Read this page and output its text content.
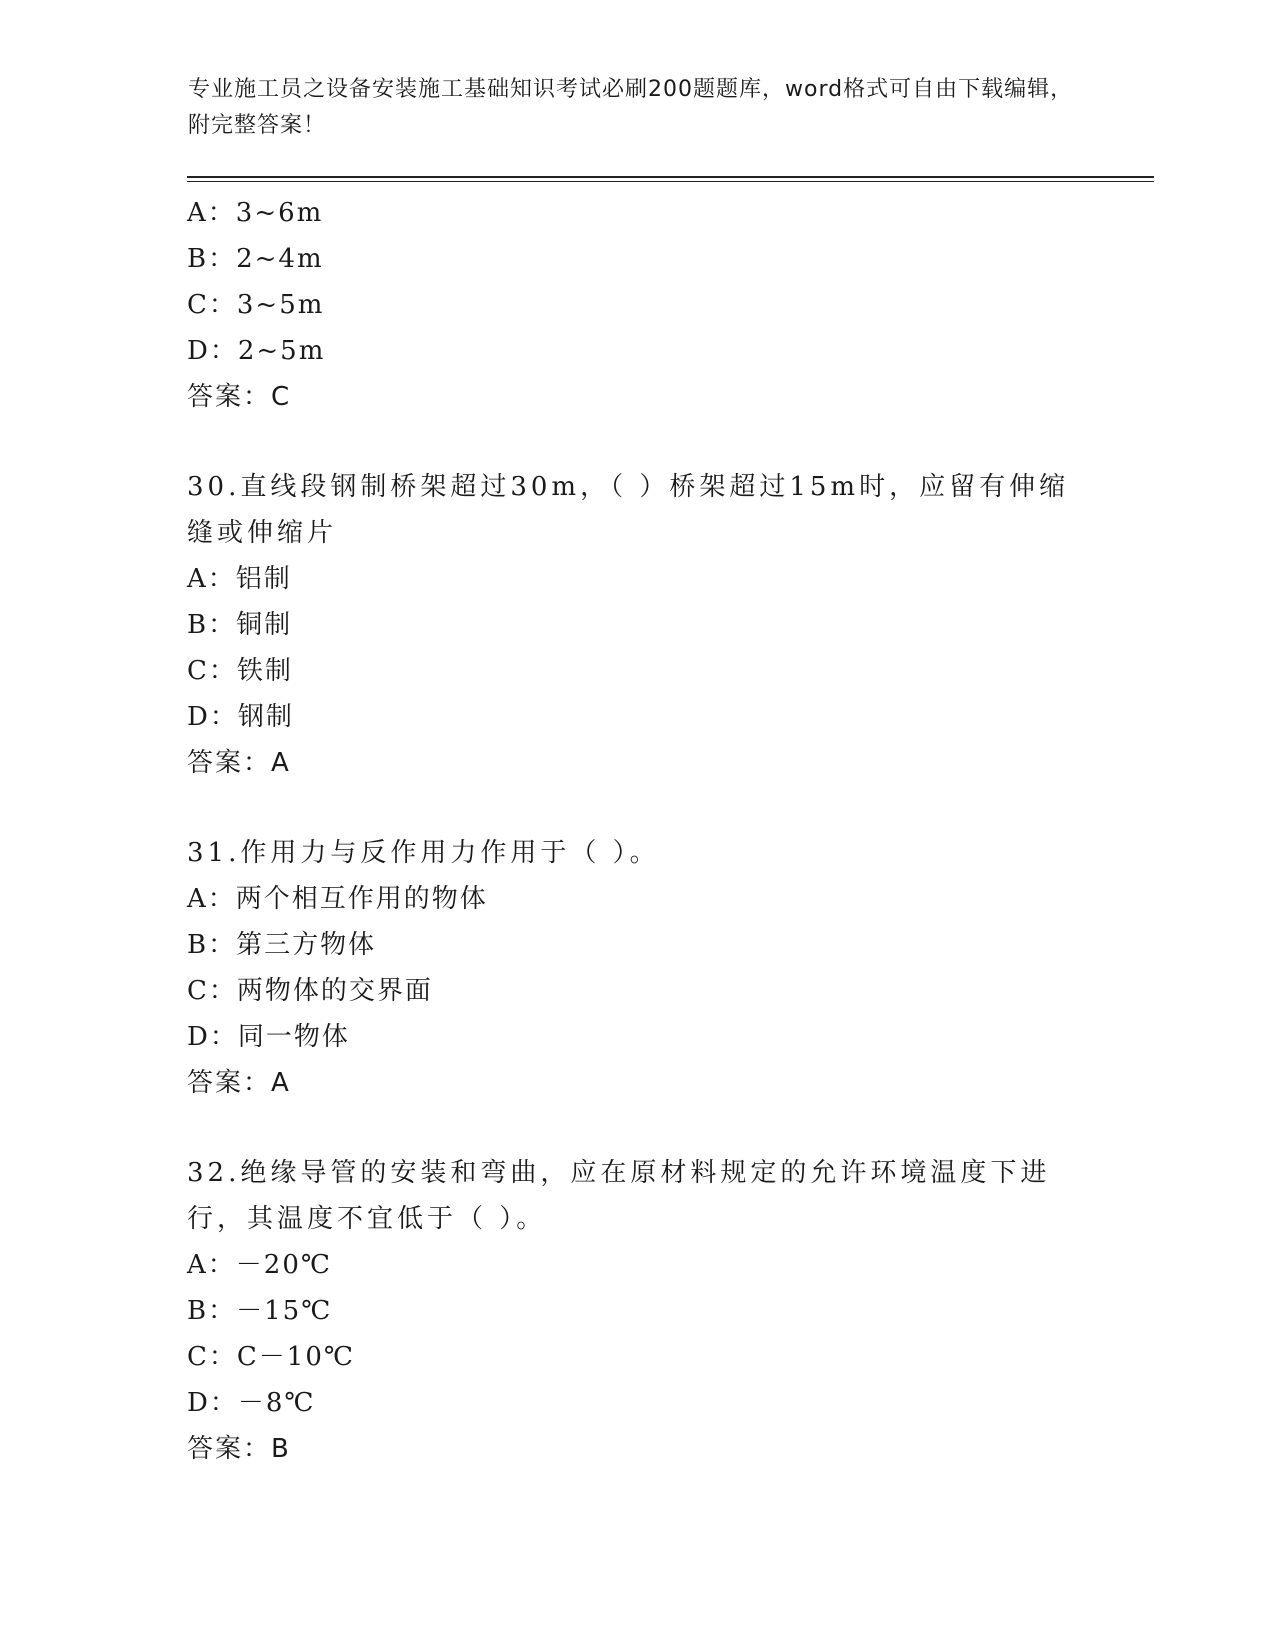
专业施工员之设备安装施工基础知识考试必刷200题题库，word格式可自由下载编辑，附完整答案！
A：3~6m
B：2~4m
C：3~5m
D：2~5m
答案：C
30.直线段钢制桥架超过30m，（ ）桥架超过15m时，应留有伸缩缝或伸缩片
A：铝制
B：铜制
C：铁制
D：钢制
答案：A
31.作用力与反作用力作用于（ ）。
A：两个相互作用的物体
B：第三方物体
C：两物体的交界面
D：同一物体
答案：A
32.绝缘导管的安装和弯曲，应在原材料规定的允许环境温度下进行，其温度不宜低于（ ）。
A：－20℃
B：－15℃
C：C－10℃
D：－8℃
答案：B
